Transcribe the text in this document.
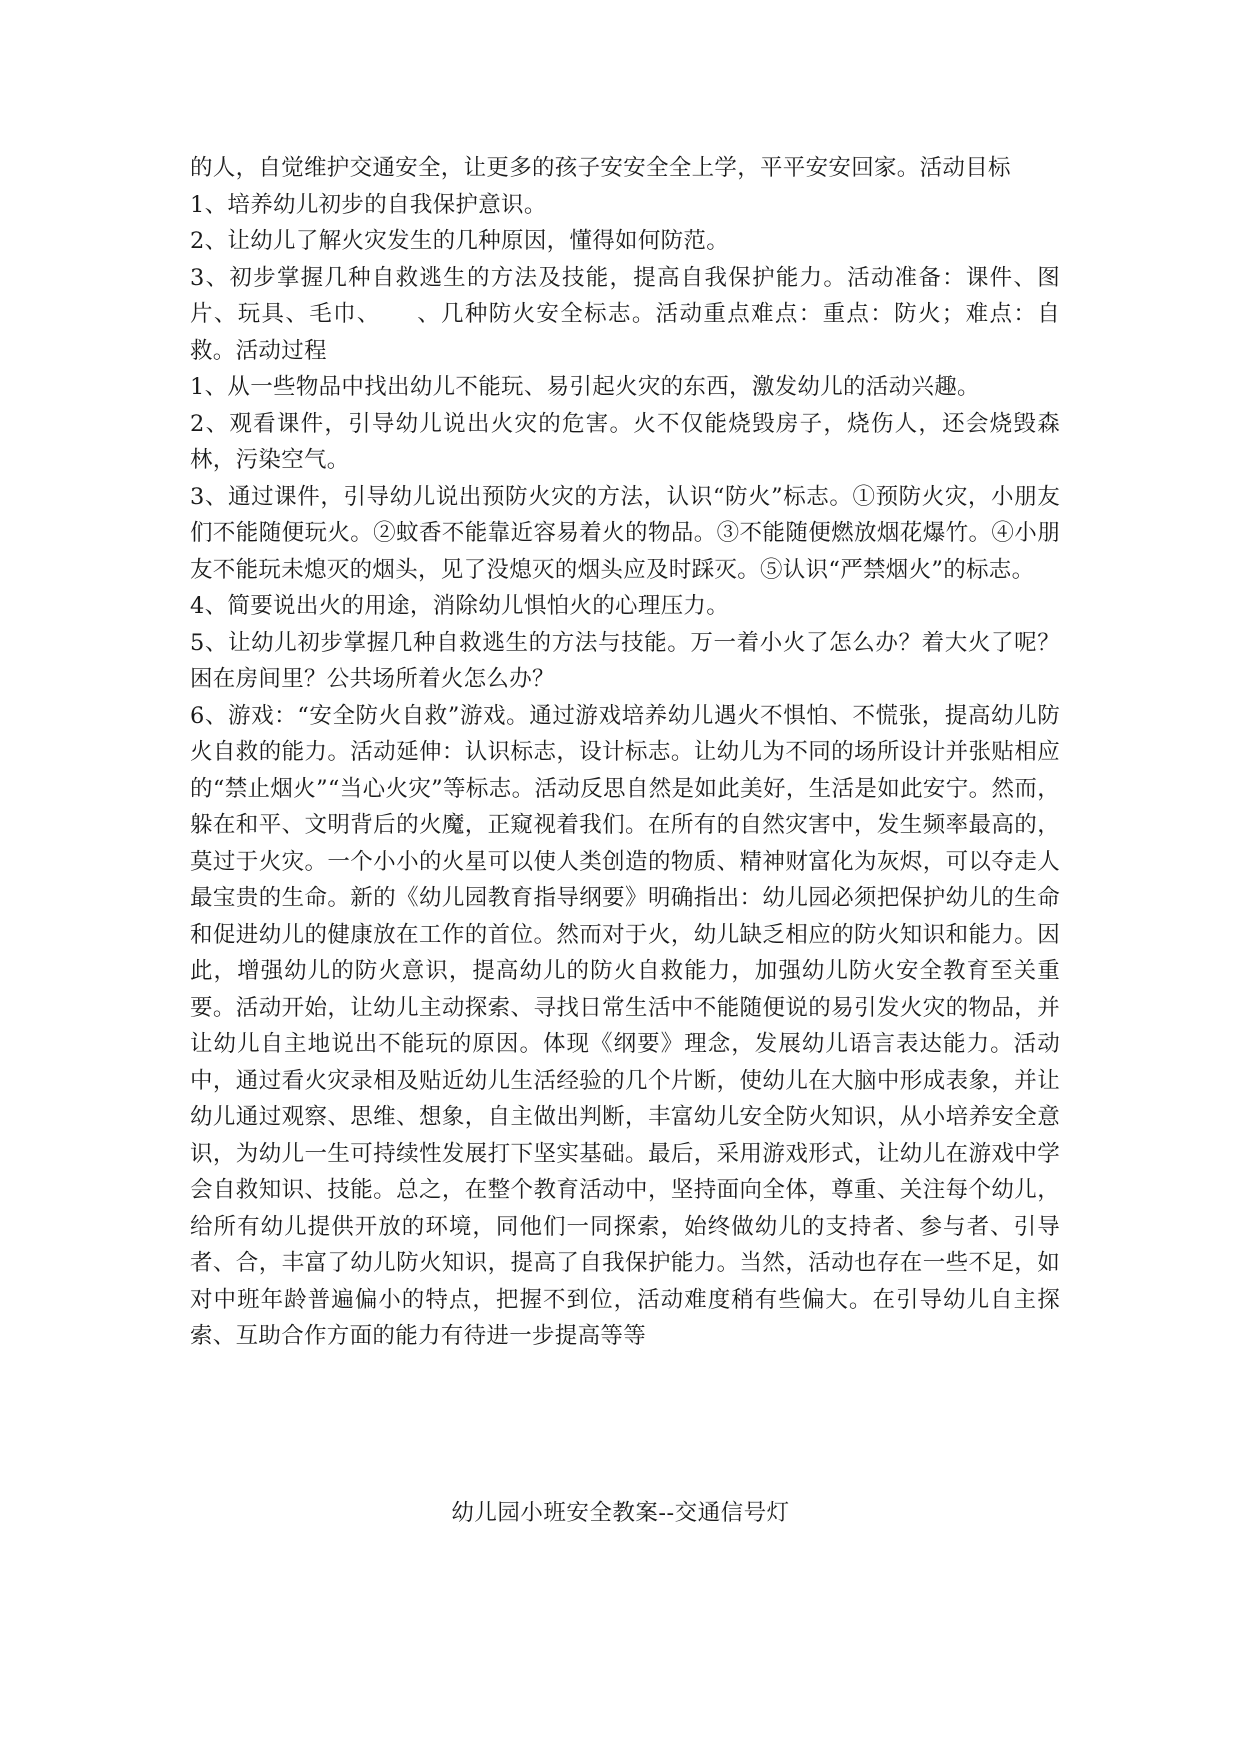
的人，自觉维护交通安全，让更多的孩子安安全全上学，平平安安回家。活动目标

1、培养幼儿初步的自我保护意识。

2、让幼儿了解火灾发生的几种原因，懂得如何防范。

3、初步掌握几种自救逃生的方法及技能，提高自我保护能力。活动准备：课件、图片、玩具、毛巾、　　、几种防火安全标志。活动重点难点：重点：防火；难点：自救。活动过程

1、从一些物品中找出幼儿不能玩、易引起火灾的东西，激发幼儿的活动兴趣。

2、观看课件，引导幼儿说出火灾的危害。火不仅能烧毁房子，烧伤人，还会烧毁森林，污染空气。

3、通过课件，引导幼儿说出预防火灾的方法，认识“防火”标志。①预防火灾，小朋友们不能随便玩火。②蚊香不能靠近容易着火的物品。③不能随便燃放烟花爆竹。④小朋友不能玩未熄灭的烟头，见了没熄灭的烟头应及时踩灭。⑤认识“严禁烟火”的标志。

4、简要说出火的用途，消除幼儿惧怕火的心理压力。

5、让幼儿初步掌握几种自救逃生的方法与技能。万一着小火了怎么办？着大火了呢？困在房间里？公共场所着火怎么办？

6、游戏：“安全防火自救”游戏。通过游戏培养幼儿遇火不惧怕、不慌张，提高幼儿防火自救的能力。活动延伸：认识标志，设计标志。让幼儿为不同的场所设计并张贴相应的“禁止烟火”“当心火灾”等标志。活动反思自然是如此美好，生活是如此安宁。然而，躲在和平、文明背后的火魔，正窥视着我们。在所有的自然灾害中，发生频率最高的，莫过于火灾。一个小小的火星可以使人类创造的物质、精神财富化为灰烬，可以夺走人最宝贵的生命。新的《幼儿园教育指导纲要》明确指出：幼儿园必须把保护幼儿的生命和促进幼儿的健康放在工作的首位。然而对于火，幼儿缺乏相应的防火知识和能力。因此，增强幼儿的防火意识，提高幼儿的防火自救能力，加强幼儿防火安全教育至关重要。活动开始，让幼儿主动探索、寻找日常生活中不能随便说的易引发火灾的物品，并让幼儿自主地说出不能玩的原因。体现《纲要》理念，发展幼儿语言表达能力。活动中，通过看火灾录相及贴近幼儿生活经验的几个片断，使幼儿在大脑中形成表象，并让幼儿通过观察、思维、想象，自主做出判断，丰富幼儿安全防火知识，从小培养安全意识，为幼儿一生可持续性发展打下坚实基础。最后，采用游戏形式，让幼儿在游戏中学会自救知识、技能。总之，在整个教育活动中，坚持面向全体，尊重、关注每个幼儿，给所有幼儿提供开放的环境，同他们一同探索，始终做幼儿的支持者、参与者、引导者、合，丰富了幼儿防火知识，提高了自我保护能力。当然，活动也存在一些不足，如对中班年龄普遍偏小的特点，把握不到位，活动难度稍有些偏大。在引导幼儿自主探索、互助合作方面的能力有待进一步提高等等

幼儿园小班安全教案--交通信号灯
